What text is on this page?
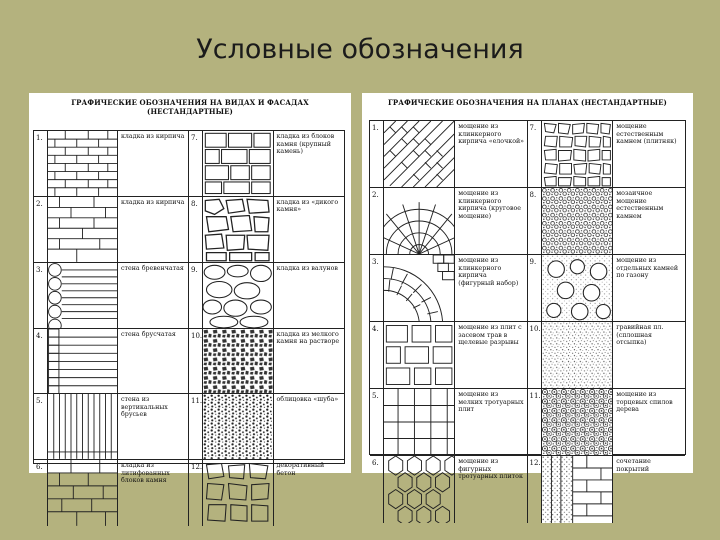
Условные обозначения
ГРАФИЧЕСКИЕ ОБОЗНАЧЕНИЯ НА ВИДАХ И ФАСАДАХ
(НЕСТАНДАРТНЫЕ)
1.	кладка из кирпича
2.	кладка из кирпича
3.	стена бревенчатая
4.	стена брусчатая
5.	стена из вертикальных брусьев
6.	кладка из литифованных блоков камня
7.	кладка из блоков камня (крупный камень)
8.	кладка из «дикого камня»
9.	кладка из валунов
10.	кладка из мелкого камня на растворе
11.	облицовка «шуба»
12.	декоративный бетон
ГРАФИЧЕСКИЕ ОБОЗНАЧЕНИЯ НА ПЛАНАХ (НЕСТАНДАРТНЫЕ)
1.	мощение из клинкерного кирпича «елочкой»
2.	мощение из клинкерного кирпича (круговое мощение)
3.	мощение из клинкерного кирпича (фигурный набор)
4.	мощение из плит с засевом трав в щелевые разрывы
5.	мощение из мелких тротуарных плит
6.	мощение из фигурных тротуарных плиток
7.	мощение естественным камнем (плитняк)
8.	мозаичное мощение естественным камнем
9.	мощение из отдельных камней по газону
10.	гравийная пл. (сплошная отсыпка)
11.	мощение из торцевых спилов дерева
12.	сочетание покрытий
